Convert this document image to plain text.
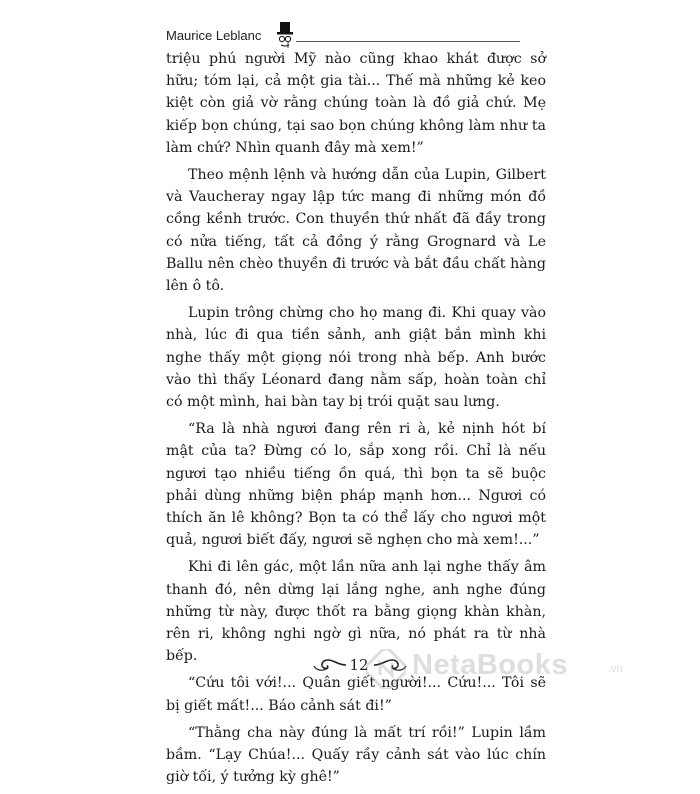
Maurice Leblanc

triệu phú người Mỹ nào cũng khao khát được sở hữu; tóm lại, cả một gia tài... Thế mà những kẻ keo kiệt còn giả vờ rằng chúng toàn là đồ giả chứ. Mẹ kiếp bọn chúng, tại sao bọn chúng không làm như ta làm chứ? Nhìn quanh đây mà xem!”

Theo mệnh lệnh và hướng dẫn của Lupin, Gilbert và Vaucheray ngay lập tức mang đi những món đồ cồng kềnh trước. Con thuyền thứ nhất đã đầy trong có nửa tiếng, tất cả đồng ý rằng Grognard và Le Ballu nên chèo thuyền đi trước và bắt đầu chất hàng lên ô tô.

Lupin trông chừng cho họ mang đi. Khi quay vào nhà, lúc đi qua tiền sảnh, anh giật bắn mình khi nghe thấy một giọng nói trong nhà bếp. Anh bước vào thì thấy Léonard đang nằm sấp, hoàn toàn chỉ có một mình, hai bàn tay bị trói quặt sau lưng.

“Ra là nhà ngươi đang rên ri à, kẻ nịnh hót bí mật của ta? Đừng có lo, sắp xong rồi. Chỉ là nếu ngươi tạo nhiều tiếng ồn quá, thì bọn ta sẽ buộc phải dùng những biện pháp mạnh hơn... Ngươi có thích ăn lê không? Bọn ta có thể lấy cho ngươi một quả, ngươi biết đấy, ngươi sẽ nghẹn cho mà xem!...”

Khi đi lên gác, một lần nữa anh lại nghe thấy âm thanh đó, nên dừng lại lắng nghe, anh nghe đúng những từ này, được thốt ra bằng giọng khàn khàn, rên ri, không nghi ngờ gì nữa, nó phát ra từ nhà bếp.

“Cứu tôi với!... Quân giết người!... Cứu!... Tôi sẽ bị giết mất!... Báo cảnh sát đi!”

“Thằng cha này đúng là mất trí rồi!” Lupin lầm bầm. “Lạy Chúa!... Quấy rầy cảnh sát vào lúc chín giờ tối, ý tưởng kỳ ghê!”

12 NetaBooks	.vn
